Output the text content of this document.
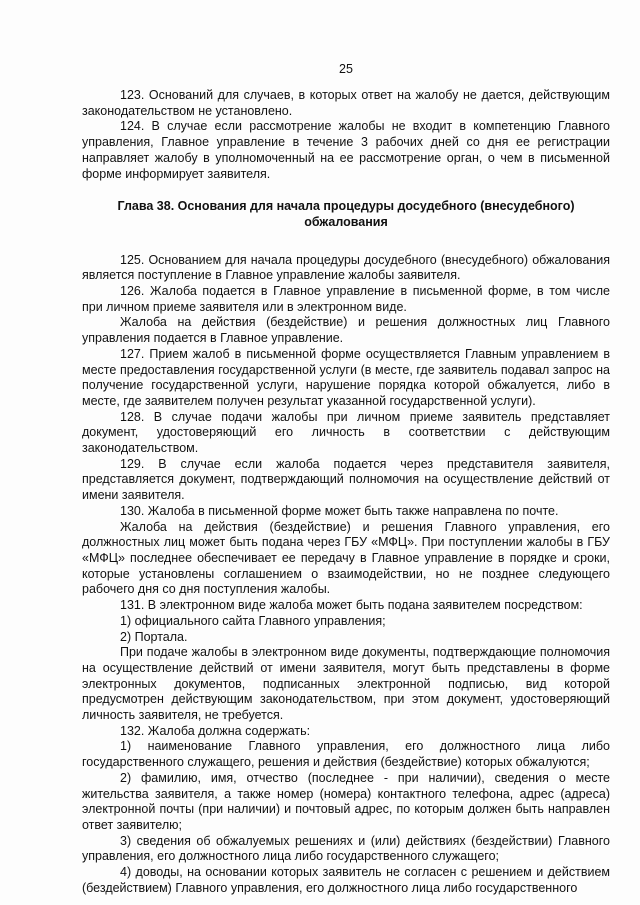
25

123. Оснований для случаев, в которых ответ на жалобу не дается, действующим законодательством не установлено.

124. В случае если рассмотрение жалобы не входит в компетенцию Главного управления, Главное управление в течение 3 рабочих дней со дня ее регистрации направляет жалобу в уполномоченный на ее рассмотрение орган, о чем в письменной форме информирует заявителя.

Глава 38. Основания для начала процедуры досудебного (внесудебного) обжалования

125. Основанием для начала процедуры досудебного (внесудебного) обжалования является поступление в Главное управление жалобы заявителя.

126. Жалоба подается в Главное управление в письменной форме, в том числе при личном приеме заявителя или в электронном виде.

Жалоба на действия (бездействие) и решения должностных лиц Главного управления подается в Главное управление.

127. Прием жалоб в письменной форме осуществляется Главным управлением в месте предоставления государственной услуги (в месте, где заявитель подавал запрос на получение государственной услуги, нарушение порядка которой обжалуется, либо в месте, где заявителем получен результат указанной государственной услуги).

128. В случае подачи жалобы при личном приеме заявитель представляет документ, удостоверяющий его личность в соответствии с действующим законодательством.

129. В случае если жалоба подается через представителя заявителя, представляется документ, подтверждающий полномочия на осуществление действий от имени заявителя.

130. Жалоба в письменной форме может быть также направлена по почте.

Жалоба на действия (бездействие) и решения Главного управления, его должностных лиц может быть подана через ГБУ «МФЦ». При поступлении жалобы в ГБУ «МФЦ» последнее обеспечивает ее передачу в Главное управление в порядке и сроки, которые установлены соглашением о взаимодействии, но не позднее следующего рабочего дня со дня поступления жалобы.

131. В электронном виде жалоба может быть подана заявителем посредством:

1) официального сайта Главного управления;

2) Портала.

При подаче жалобы в электронном виде документы, подтверждающие полномочия на осуществление действий от имени заявителя, могут быть представлены в форме электронных документов, подписанных электронной подписью, вид которой предусмотрен действующим законодательством, при этом документ, удостоверяющий личность заявителя, не требуется.

132. Жалоба должна содержать:

1) наименование Главного управления, его должностного лица либо государственного служащего, решения и действия (бездействие) которых обжалуются;

2) фамилию, имя, отчество (последнее - при наличии), сведения о месте жительства заявителя, а также номер (номера) контактного телефона, адрес (адреса) электронной почты (при наличии) и почтовый адрес, по которым должен быть направлен ответ заявителю;

3) сведения об обжалуемых решениях и (или) действиях (бездействии) Главного управления, его должностного лица либо государственного служащего;

4) доводы, на основании которых заявитель не согласен с решением и действием (бездействием) Главного управления, его должностного лица либо государственного
